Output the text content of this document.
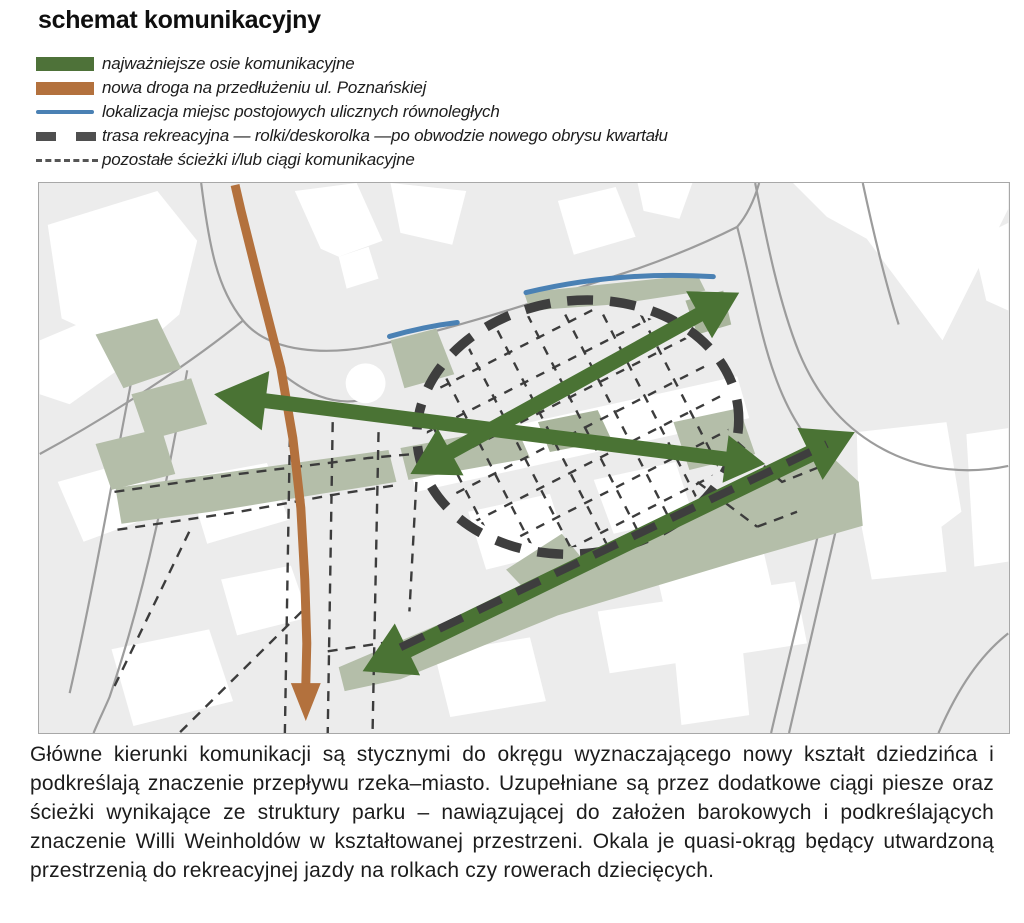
schemat komunikacyjny
najważniejsze osie komunikacyjne
nowa droga na przedłużeniu ul. Poznańskiej
lokalizacja miejsc postojowych ulicznych równoległych
trasa rekreacyjna — rolki/deskorolka —po obwodzie nowego obrysu kwartału
pozostałe ścieżki i/lub ciągi komunikacyjne

Główne kierunki komunikacji są stycznymi do okręgu wyznaczającego nowy kształt dziedzińca i podkreślają znaczenie przepływu rzeka–miasto. Uzupełniane są przez dodatkowe ciągi piesze oraz ścieżki wynikające ze struktury parku – nawiązującej do założen barokowych i podkreślających znaczenie Willi Weinholdów w kształtowanej przestrzeni. Okala je quasi-okrąg będący utwardzoną przestrzenią do rekreacyjnej jazdy na rolkach czy rowerach dziecięcych.
